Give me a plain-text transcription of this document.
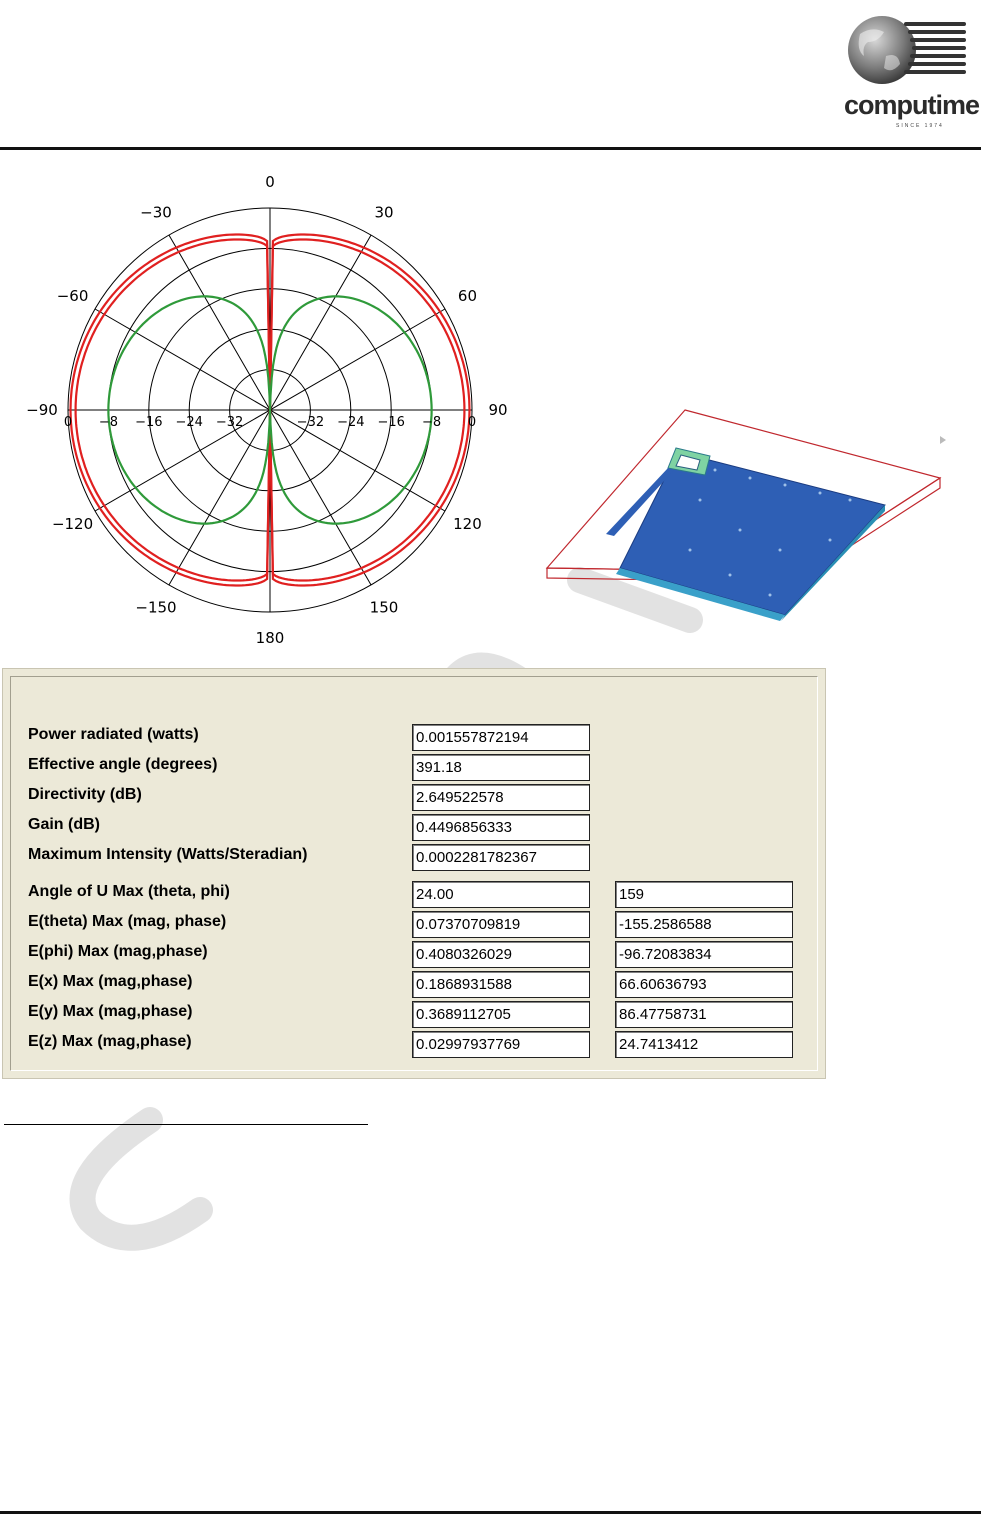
computime
SINCE 1974
0
30
60
90
120
150
180
−150
−120
−90
−60
−30
0
−8
−16
−24
−32
0 −8 −16 −24 −32
Power radiated (watts)	0.001557872194
Effective angle (degrees)	391.18
Directivity (dB)	2.649522578
Gain (dB)	0.4496856333
Maximum Intensity (Watts/Steradian)	0.0002281782367
Angle of U Max (theta, phi)	24.00	159
E(theta) Max (mag, phase)	0.07370709819	-155.2586588
E(phi) Max (mag,phase)	0.4080326029	-96.72083834
E(x) Max (mag,phase)	0.1868931588	66.60636793
E(y) Max (mag,phase)	0.3689112705	86.47758731
E(z) Max (mag,phase)	0.02997937769	24.7413412
